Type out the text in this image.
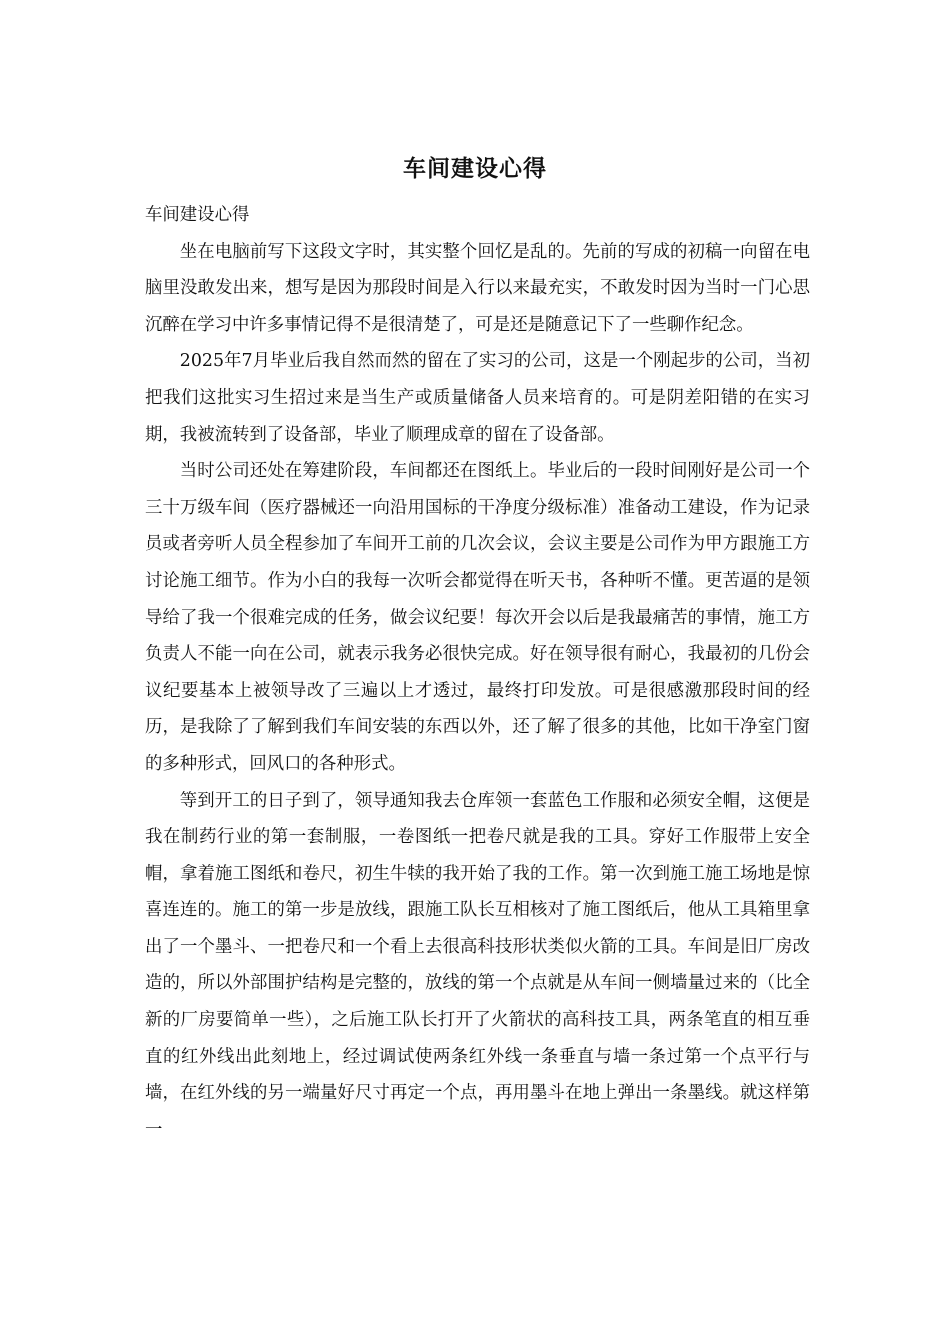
车间建设心得

车间建设心得

坐在电脑前写下这段文字时，其实整个回忆是乱的。先前的写成的初稿一向留在电脑里没敢发出来，想写是因为那段时间是入行以来最充实，不敢发时因为当时一门心思沉醉在学习中许多事情记得不是很清楚了，可是还是随意记下了一些聊作纪念。

2025年7月毕业后我自然而然的留在了实习的公司，这是一个刚起步的公司，当初把我们这批实习生招过来是当生产或质量储备人员来培育的。可是阴差阳错的在实习期，我被流转到了设备部，毕业了顺理成章的留在了设备部。

当时公司还处在筹建阶段，车间都还在图纸上。毕业后的一段时间刚好是公司一个三十万级车间（医疗器械还一向沿用国标的干净度分级标准）准备动工建设，作为记录员或者旁听人员全程参加了车间开工前的几次会议，会议主要是公司作为甲方跟施工方讨论施工细节。作为小白的我每一次听会都觉得在听天书，各种听不懂。更苦逼的是领导给了我一个很难完成的任务，做会议纪要！每次开会以后是我最痛苦的事情，施工方负责人不能一向在公司，就表示我务必很快完成。好在领导很有耐心，我最初的几份会议纪要基本上被领导改了三遍以上才透过，最终打印发放。可是很感激那段时间的经历，是我除了了解到我们车间安装的东西以外，还了解了很多的其他，比如干净室门窗的多种形式，回风口的各种形式。

等到开工的日子到了，领导通知我去仓库领一套蓝色工作服和必须安全帽，这便是我在制药行业的第一套制服，一卷图纸一把卷尺就是我的工具。穿好工作服带上安全帽，拿着施工图纸和卷尺，初生牛犊的我开始了我的工作。第一次到施工施工场地是惊喜连连的。施工的第一步是放线，跟施工队长互相核对了施工图纸后，他从工具箱里拿出了一个墨斗、一把卷尺和一个看上去很高科技形状类似火箭的工具。车间是旧厂房改造的，所以外部围护结构是完整的，放线的第一个点就是从车间一侧墙量过来的（比全新的厂房要简单一些），之后施工队长打开了火箭状的高科技工具，两条笔直的相互垂直的红外线出此刻地上，经过调试使两条红外线一条垂直与墙一条过第一个点平行与墙，在红外线的另一端量好尺寸再定一个点，再用墨斗在地上弹出一条墨线。就这样第一
